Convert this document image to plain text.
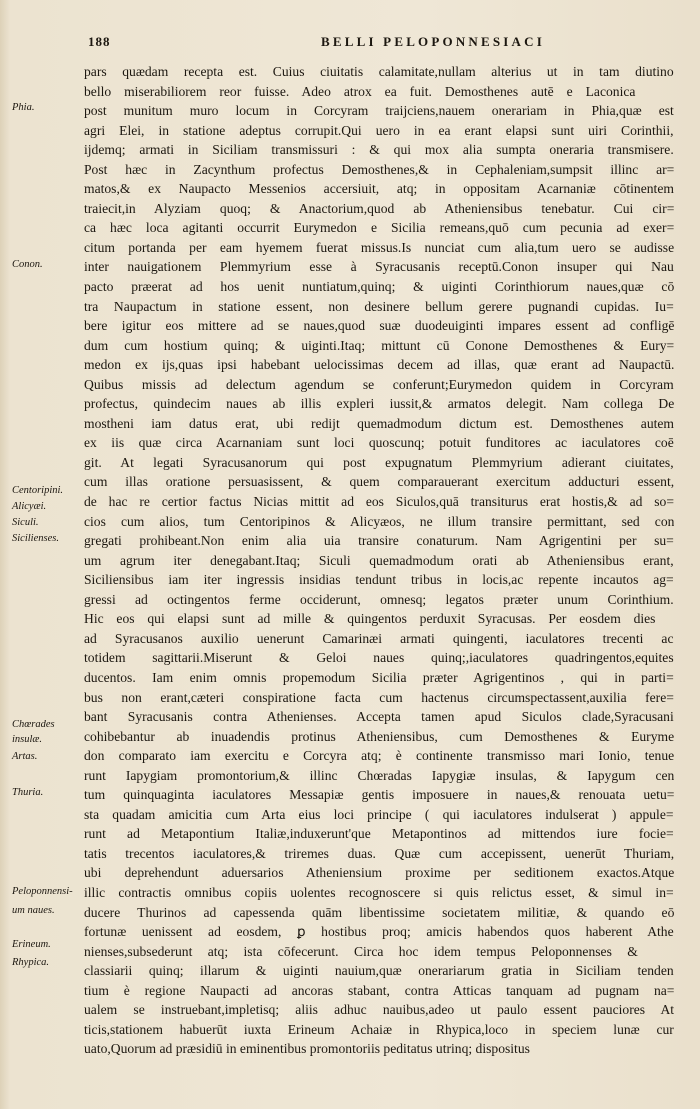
188	BELLI PELOPONNESIACI
Phia.
Conon.
Centoripini.
Alicyæi.
Siculi.
Sicilienses.
Chœrades
insulæ.
Artas.
Thuria.
Peloponnensi-
um naues.
Erineum.
Rhypica.
pars quædam recepta est. Cuius ciuitatis calamitate,nullam alterius ut in tam diutino
bello miserabiliorem reor fuisse. Adeo atrox ea fuit. Demosthenes autē e Laconica
post munitum muro locum in Corcyram traijciens,nauem onerariam in Phia,quæ est
agri Elei, in statione adeptus corrupit.Qui uero in ea erant elapsi sunt uiri Corinthii,
ijdemq; armati in Siciliam transmissuri : & qui mox alia sumpta oneraria transmisere.
Post hæc in Zacynthum profectus Demosthenes,& in Cephaleniam,sumpsit illinc ar=
matos,& ex Naupacto Messenios accersiuit, atq; in oppositam Acarnaniæ cōtinentem
traiecit,in Alyziam quoq; & Anactorium,quod ab Atheniensibus tenebatur. Cui cir=
ca hæc loca agitanti occurrit Eurymedon e Sicilia remeans,quō cum pecunia ad exer=
citum portanda per eam hyemem fuerat missus.Is nunciat cum alia,tum uero se audisse
inter nauigationem Plemmyrium esse à Syracusanis receptū.Conon insuper qui Nau
pacto præerat ad hos uenit nuntiatum,quinq; & uiginti Corinthiorum naues,quæ cō
tra Naupactum in statione essent, non desinere bellum gerere pugnandi cupidas. Iu=
bere igitur eos mittere ad se naues,quod suæ duodeuiginti impares essent ad confligē
dum cum hostium quinq; & uiginti.Itaq; mittunt cū Conone Demosthenes & Eury=
medon ex ijs,quas ipsi habebant uelocissimas decem ad illas, quæ erant ad Naupactū.
Quibus missis ad delectum agendum se conferunt;Eurymedon quidem in Corcyram
profectus, quindecim naues ab illis expleri iussit,& armatos delegit. Nam collega De
mostheni iam datus erat, ubi redijt quemadmodum dictum est. Demosthenes autem
ex iis quæ circa Acarnaniam sunt loci quoscunq; potuit funditores ac iaculatores coē
git. At legati Syracusanorum qui post expugnatum Plemmyrium adierant ciuitates,
cum illas oratione persuasissent, & quem comparauerant exercitum adducturi essent,
de hac re certior factus Nicias mittit ad eos Siculos,quā transiturus erat hostis,& ad so=
cios cum alios, tum Centoripinos & Alicyæos, ne illum transire permittant, sed con
gregati prohibeant.Non enim alia uia transire conaturum. Nam Agrigentini per su=
um agrum iter denegabant.Itaq; Siculi quemadmodum orati ab Atheniensibus erant,
Siciliensibus iam iter ingressis insidias tendunt tribus in locis,ac repente incautos ag=
gressi ad octingentos ferme occiderunt, omnesq; legatos præter unum Corinthium.
Hic eos qui elapsi sunt ad mille & quingentos perduxit Syracusas. Per eosdem dies
ad Syracusanos auxilio uenerunt Camarinæi armati quingenti, iaculatores trecenti ac
totidem sagittarii.Miserunt & Geloi naues quinq;,iaculatores quadringentos,equites
ducentos. Iam enim omnis propemodum Sicilia præter Agrigentinos , qui in parti=
bus non erant,cæteri conspiratione facta cum hactenus circumspectassent,auxilia fere=
bant Syracusanis contra Athenienses. Accepta tamen apud Siculos clade,Syracusani
cohibebantur ab inuadendis protinus Atheniensibus, cum Demosthenes & Euryme
don comparato iam exercitu e Corcyra atq; è continente transmisso mari Ionio, tenue
runt Iapygiam promontorium,& illinc Chœradas Iapygiæ insulas, & Iapygum cen
tum quinquaginta iaculatores Messapiæ gentis imposuere in naues,& renouata uetu=
sta quadam amicitia cum Arta eius loci principe ( qui iaculatores indulserat ) appule=
runt ad Metapontium Italiæ,induxerunt'que Metapontinos ad mittendos iure focie=
tatis trecentos iaculatores,& triremes duas. Quæ cum accepissent, uenerūt Thuriam,
ubi deprehendunt aduersarios Atheniensium proxime per seditionem exactos.Atque
illic contractis omnibus copiis uolentes recognoscere si quis relictus esset, & simul in=
ducere Thurinos ad capessenda quām libentissime societatem militiæ, & quando eō
fortunæ uenissent ad eosdem, ꝑ hostibus proq; amicis habendos quos haberent Athe
nienses,subsederunt atq; ista cōfecerunt. Circa hoc idem tempus Peloponnenses &
classiarii quinq; illarum & uiginti nauium,quæ onerariarum gratia in Siciliam tenden
tium è regione Naupacti ad ancoras stabant, contra Atticas tanquam ad pugnam na=
ualem se instruebant,impletisq; aliis adhuc nauibus,adeo ut paulo essent pauciores At
ticis,stationem habuerūt iuxta Erineum Achaiæ in Rhypica,loco in speciem lunæ cur
uato,Quorum ad præsidiū in eminentibus promontoriis peditatus utrinq; dispositus
